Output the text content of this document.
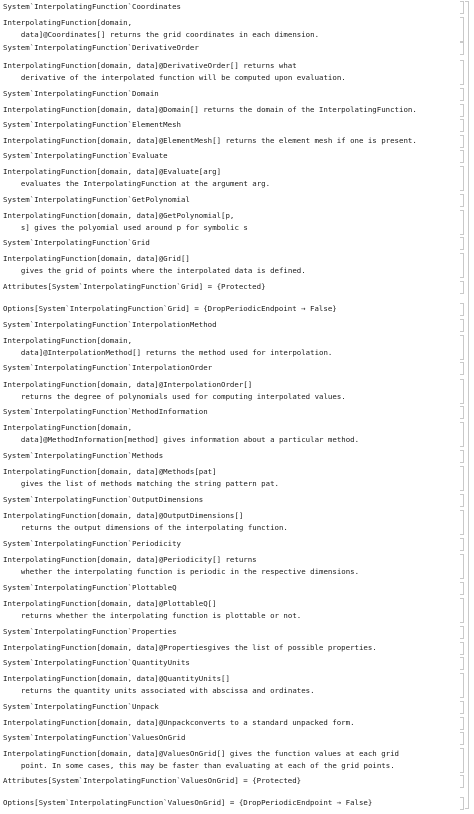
System`InterpolatingFunction`Coordinates
InterpolatingFunction[domain,
data]@Coordinates[] returns the grid coordinates in each dimension.
System`InterpolatingFunction`DerivativeOrder
InterpolatingFunction[domain, data]@DerivativeOrder[] returns what
derivative of the interpolated function will be computed upon evaluation.
System`InterpolatingFunction`Domain
InterpolatingFunction[domain, data]@Domain[] returns the domain of the InterpolatingFunction.
System`InterpolatingFunction`ElementMesh
InterpolatingFunction[domain, data]@ElementMesh[] returns the element mesh if one is present.
System`InterpolatingFunction`Evaluate
InterpolatingFunction[domain, data]@Evaluate[arg]
evaluates the InterpolatingFunction at the argument arg.
System`InterpolatingFunction`GetPolynomial
InterpolatingFunction[domain, data]@GetPolynomial[p,
s] gives the polyomial used around p for symbolic s
System`InterpolatingFunction`Grid
InterpolatingFunction[domain, data]@Grid[]
gives the grid of points where the interpolated data is defined.
Attributes[System`InterpolatingFunction`Grid] = {Protected}
Options[System`InterpolatingFunction`Grid] = {DropPeriodicEndpoint → False}
System`InterpolatingFunction`InterpolationMethod
InterpolatingFunction[domain,
data]@InterpolationMethod[] returns the method used for interpolation.
System`InterpolatingFunction`InterpolationOrder
InterpolatingFunction[domain, data]@InterpolationOrder[]
returns the degree of polynomials used for computing interpolated values.
System`InterpolatingFunction`MethodInformation
InterpolatingFunction[domain,
data]@MethodInformation[method] gives information about a particular method.
System`InterpolatingFunction`Methods
InterpolatingFunction[domain, data]@Methods[pat]
gives the list of methods matching the string pattern pat.
System`InterpolatingFunction`OutputDimensions
InterpolatingFunction[domain, data]@OutputDimensions[]
returns the output dimensions of the interpolating function.
System`InterpolatingFunction`Periodicity
InterpolatingFunction[domain, data]@Periodicity[] returns
whether the interpolating function is periodic in the respective dimensions.
System`InterpolatingFunction`PlottableQ
InterpolatingFunction[domain, data]@PlottableQ[]
returns whether the interpolating function is plottable or not.
System`InterpolatingFunction`Properties
InterpolatingFunction[domain, data]@Propertiesgives the list of possible properties.
System`InterpolatingFunction`QuantityUnits
InterpolatingFunction[domain, data]@QuantityUnits[]
returns the quantity units associated with abscissa and ordinates.
System`InterpolatingFunction`Unpack
InterpolatingFunction[domain, data]@Unpackconverts to a standard unpacked form.
System`InterpolatingFunction`ValuesOnGrid
InterpolatingFunction[domain, data]@ValuesOnGrid[] gives the function values at each grid
point. In some cases, this may be faster than evaluating at each of the grid points.
Attributes[System`InterpolatingFunction`ValuesOnGrid] = {Protected}
Options[System`InterpolatingFunction`ValuesOnGrid] = {DropPeriodicEndpoint → False}
